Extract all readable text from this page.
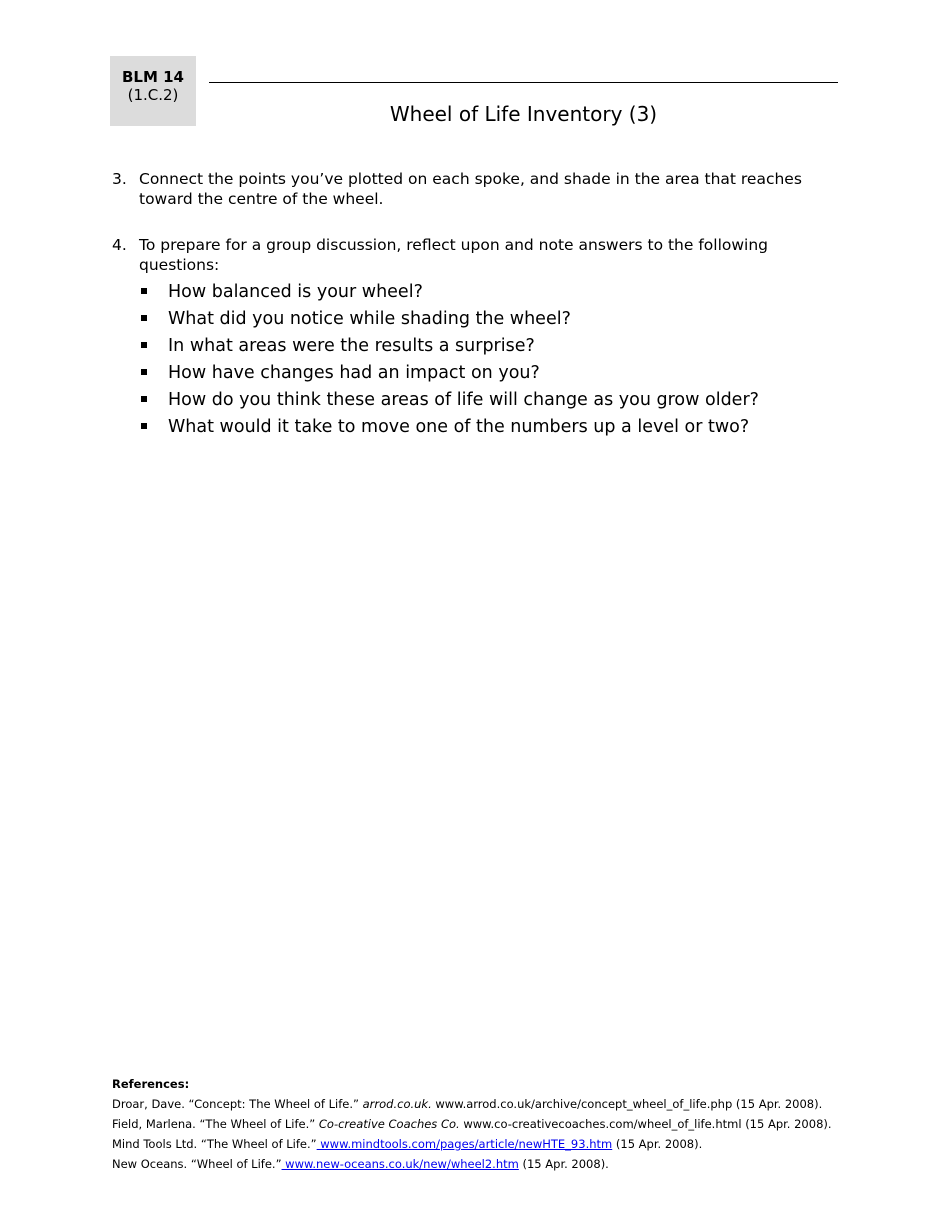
BLM 14
(1.C.2)
Wheel of Life Inventory (3)
3. Connect the points you’ve plotted on each spoke, and shade in the area that reaches toward the centre of the wheel.
4. To prepare for a group discussion, reflect upon and note answers to the following questions:
How balanced is your wheel?
What did you notice while shading the wheel?
In what areas were the results a surprise?
How have changes had an impact on you?
How do you think these areas of life will change as you grow older?
What would it take to move one of the numbers up a level or two?
References:
Droar, Dave. “Concept: The Wheel of Life.” arrod.co.uk. www.arrod.co.uk/archive/concept_wheel_of_life.php (15 Apr. 2008).
Field, Marlena. “The Wheel of Life.” Co-creative Coaches Co. www.co-creativecoaches.com/wheel_of_life.html (15 Apr. 2008).
Mind Tools Ltd. “The Wheel of Life.” www.mindtools.com/pages/article/newHTE_93.htm (15 Apr. 2008).
New Oceans. “Wheel of Life.” www.new-oceans.co.uk/new/wheel2.htm (15 Apr. 2008).
